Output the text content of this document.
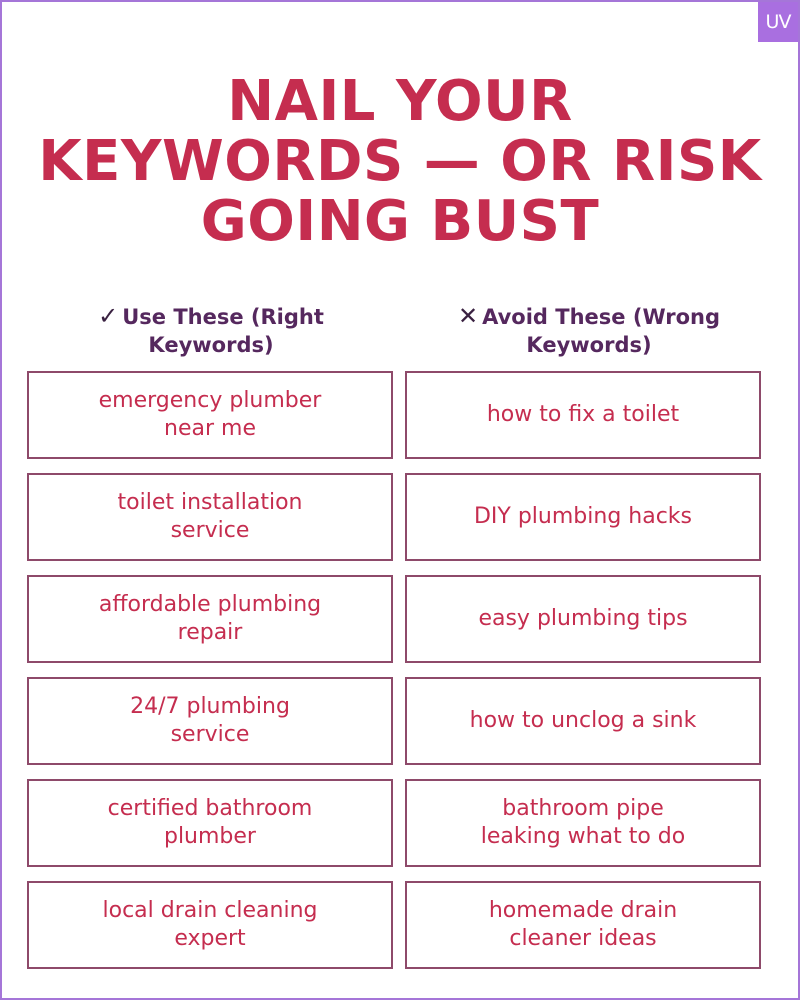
UV
NAIL YOUR
KEYWORDS — OR RISK
GOING BUST
✓ Use These (Right
Keywords)
✕ Avoid These (Wrong
Keywords)
emergency plumber
near me
toilet installation
service
affordable plumbing
repair
24/7 plumbing
service
certified bathroom
plumber
local drain cleaning
expert
how to fix a toilet
DIY plumbing hacks
easy plumbing tips
how to unclog a sink
bathroom pipe
leaking what to do
homemade drain
cleaner ideas
